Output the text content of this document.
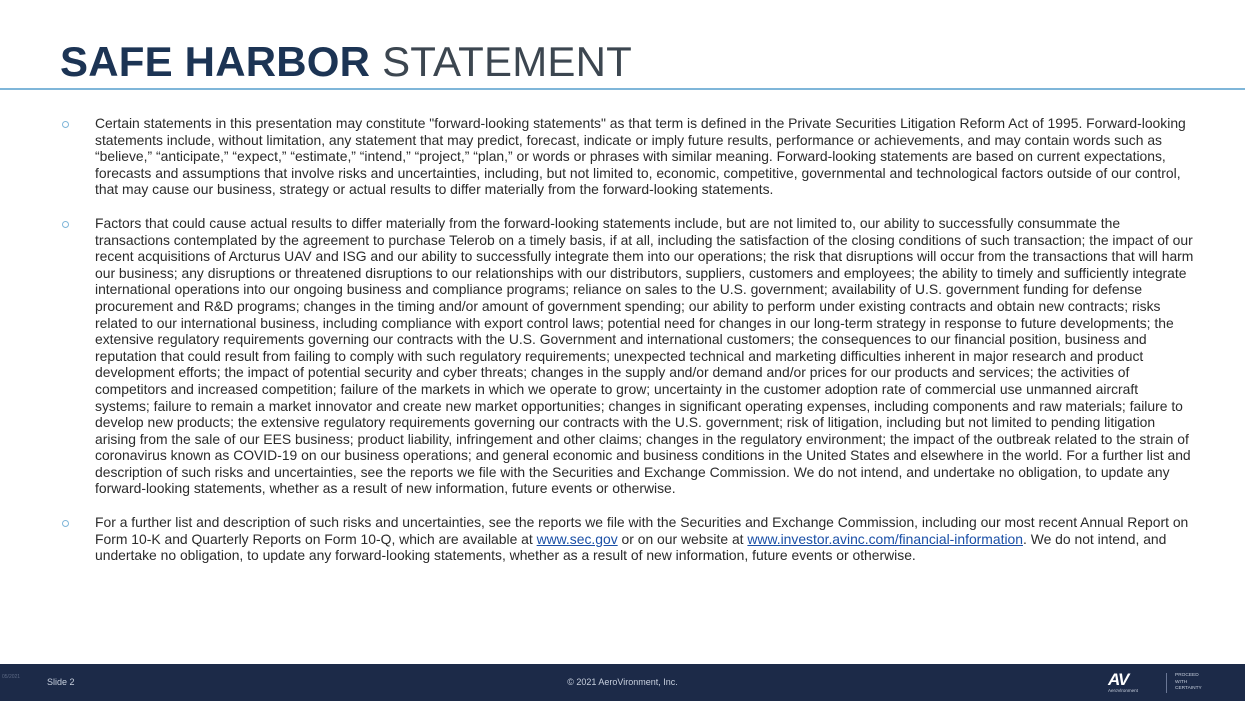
SAFE HARBOR STATEMENT
Certain statements in this presentation may constitute "forward-looking statements" as that term is defined in the Private Securities Litigation Reform Act of 1995. Forward-looking statements include, without limitation, any statement that may predict, forecast, indicate or imply future results, performance or achievements, and may contain words such as “believe,” “anticipate,” “expect,” “estimate,” “intend,” “project,” “plan,” or words or phrases with similar meaning. Forward-looking statements are based on current expectations, forecasts and assumptions that involve risks and uncertainties, including, but not limited to, economic, competitive, governmental and technological factors outside of our control, that may cause our business, strategy or actual results to differ materially from the forward-looking statements.
Factors that could cause actual results to differ materially from the forward-looking statements include, but are not limited to, our ability to successfully consummate the transactions contemplated by the agreement to purchase Telerob on a timely basis, if at all, including the satisfaction of the closing conditions of such transaction; the impact of our recent acquisitions of Arcturus UAV and ISG and our ability to successfully integrate them into our operations; the risk that disruptions will occur from the transactions that will harm our business; any disruptions or threatened disruptions to our relationships with our distributors, suppliers, customers and employees; the ability to timely and sufficiently integrate international operations into our ongoing business and compliance programs; reliance on sales to the U.S. government; availability of U.S. government funding for defense procurement and R&D programs; changes in the timing and/or amount of government spending; our ability to perform under existing contracts and obtain new contracts; risks related to our international business, including compliance with export control laws; potential need for changes in our long-term strategy in response to future developments; the extensive regulatory requirements governing our contracts with the U.S. Government and international customers; the consequences to our financial position, business and reputation that could result from failing to comply with such regulatory requirements; unexpected technical and marketing difficulties inherent in major research and product development efforts; the impact of potential security and cyber threats; changes in the supply and/or demand and/or prices for our products and services; the activities of competitors and increased competition; failure of the markets in which we operate to grow; uncertainty in the customer adoption rate of commercial use unmanned aircraft systems; failure to remain a market innovator and create new market opportunities; changes in significant operating expenses, including components and raw materials; failure to develop new products; the extensive regulatory requirements governing our contracts with the U.S. government; risk of litigation, including but not limited to pending litigation arising from the sale of our EES business; product liability, infringement and other claims; changes in the regulatory environment; the impact of the outbreak related to the strain of coronavirus known as COVID-19 on our business operations; and general economic and business conditions in the United States and elsewhere in the world. For a further list and description of such risks and uncertainties, see the reports we file with the Securities and Exchange Commission. We do not intend, and undertake no obligation, to update any forward-looking statements, whether as a result of new information, future events or otherwise.
For a further list and description of such risks and uncertainties, see the reports we file with the Securities and Exchange Commission, including our most recent Annual Report on Form 10-K and Quarterly Reports on Form 10-Q, which are available at www.sec.gov or on our website at www.investor.avinc.com/financial-information. We do not intend, and undertake no obligation, to update any forward-looking statements, whether as a result of new information, future events or otherwise.
05/2021	Slide 2	© 2021 AeroVironment, Inc.	AV
AeroVironment
PROCEED
WITH
CERTAINTY
